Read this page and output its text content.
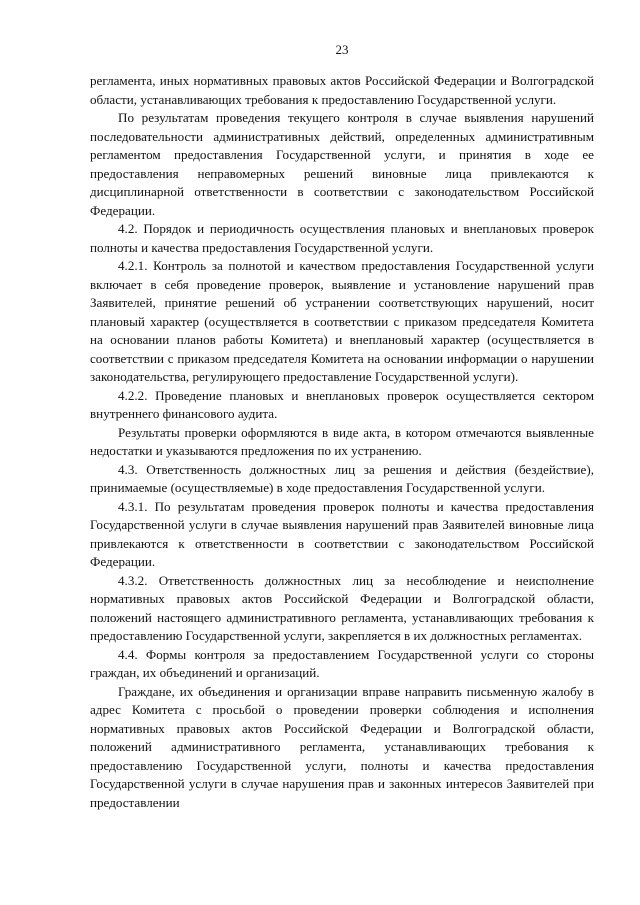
23

регламента, иных нормативных правовых актов Российской Федерации и Волгоградской области, устанавливающих требования к предоставлению Государственной услуги.

По результатам проведения текущего контроля в случае выявления нарушений последовательности административных действий, определенных административным регламентом предоставления Государственной услуги, и принятия в ходе ее предоставления неправомерных решений виновные лица привлекаются к дисциплинарной ответственности в соответствии с законодательством Российской Федерации.

4.2. Порядок и периодичность осуществления плановых и внеплановых проверок полноты и качества предоставления Государственной услуги.

4.2.1. Контроль за полнотой и качеством предоставления Государственной услуги включает в себя проведение проверок, выявление и установление нарушений прав Заявителей, принятие решений об устранении соответствующих нарушений, носит плановый характер (осуществляется в соответствии с приказом председателя Комитета на основании планов работы Комитета) и внеплановый характер (осуществляется в соответствии с приказом председателя Комитета на основании информации о нарушении законодательства, регулирующего предоставление Государственной услуги).

4.2.2. Проведение плановых и внеплановых проверок осуществляется сектором внутреннего финансового аудита.

Результаты проверки оформляются в виде акта, в котором отмечаются выявленные недостатки и указываются предложения по их устранению.

4.3. Ответственность должностных лиц за решения и действия (бездействие), принимаемые (осуществляемые) в ходе предоставления Государственной услуги.

4.3.1. По результатам проведения проверок полноты и качества предоставления Государственной услуги в случае выявления нарушений прав Заявителей виновные лица привлекаются к ответственности в соответствии с законодательством Российской Федерации.

4.3.2. Ответственность должностных лиц за несоблюдение и неисполнение нормативных правовых актов Российской Федерации и Волгоградской области, положений настоящего административного регламента, устанавливающих требования к предоставлению Государственной услуги, закрепляется в их должностных регламентах.

4.4. Формы контроля за предоставлением Государственной услуги со стороны граждан, их объединений и организаций.

Граждане, их объединения и организации вправе направить письменную жалобу в адрес Комитета с просьбой о проведении проверки соблюдения и исполнения нормативных правовых актов Российской Федерации и Волгоградской области, положений административного регламента, устанавливающих требования к предоставлению Государственной услуги, полноты и качества предоставления Государственной услуги в случае нарушения прав и законных интересов Заявителей при предоставлении
